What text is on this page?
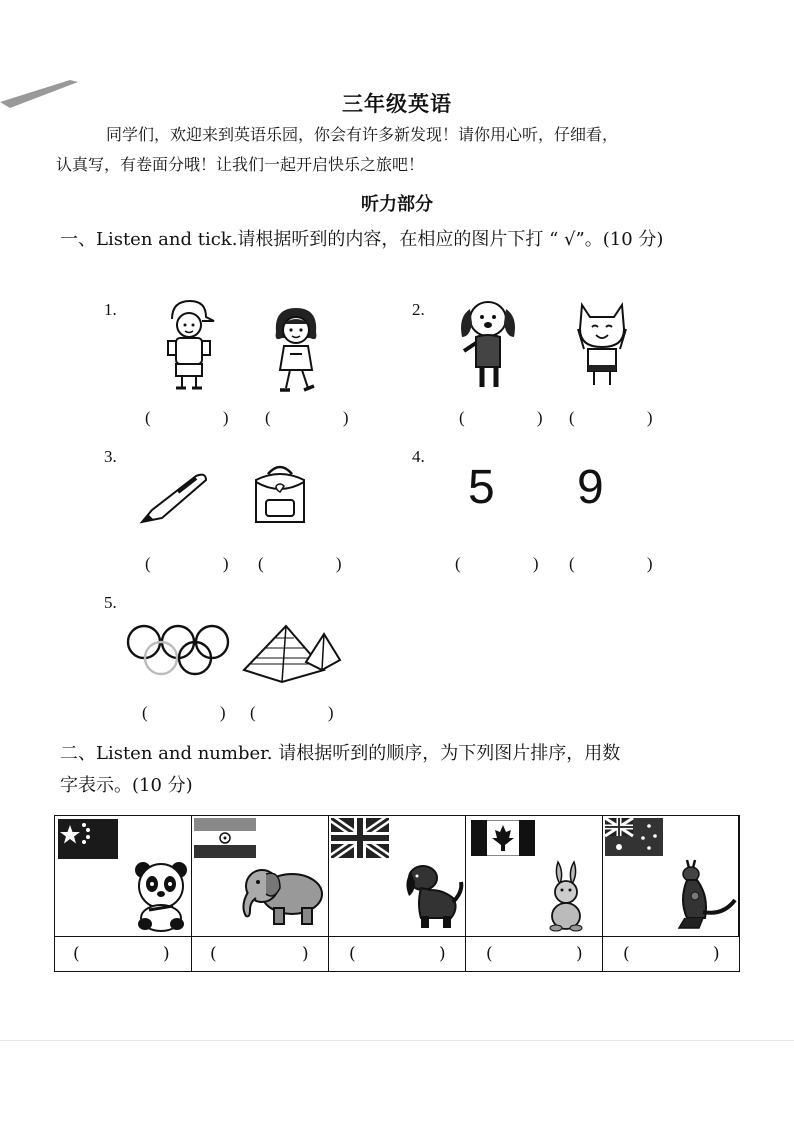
三年级英语
同学们，欢迎来到英语乐园，你会有许多新发现！请你用心听，仔细看，
认真写，有卷面分哦！让我们一起开启快乐之旅吧！
听力部分
一、Listen and tick.请根据听到的内容，在相应的图片下打 “ √”。(10 分)
1.
( ) ( )
2.
( )
( )
3.
( )
( )
4.
5 9
( )
( )
5.
( )
( )
二、Listen and number. 请根据听到的顺序，为下列图片排序，用数
字表示。(10 分)
(	) (	) (	) (	) (	)
